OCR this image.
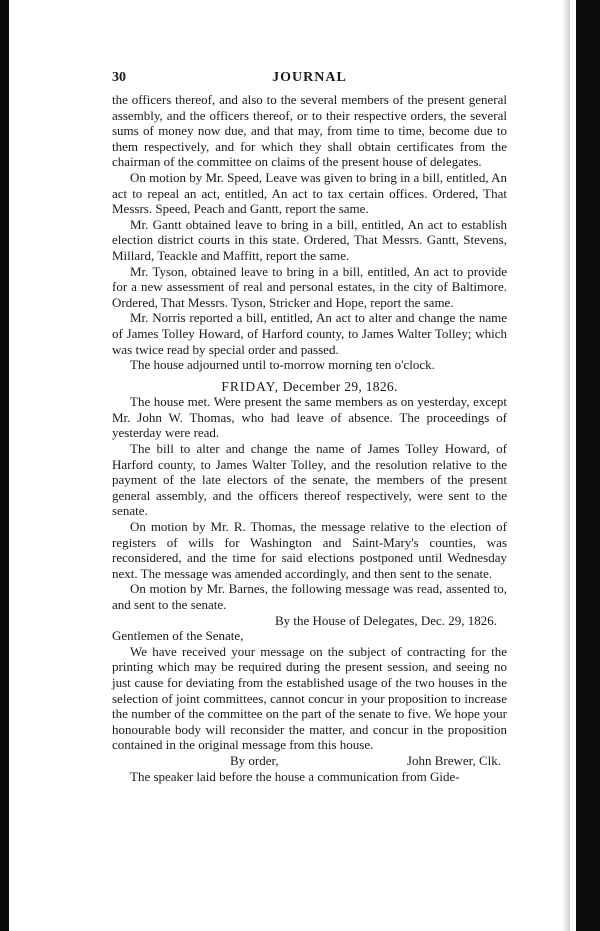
30	JOURNAL

the officers thereof, and also to the several members of the present general assembly, and the officers thereof, or to their respective orders, the several sums of money now due, and that may, from time to time, become due to them respectively, and for which they shall obtain certificates from the chairman of the committee on claims of the present house of delegates.

On motion by Mr. Speed, Leave was given to bring in a bill, entitled, An act to repeal an act, entitled, An act to tax certain offices. Ordered, That Messrs. Speed, Peach and Gantt, report the same.

Mr. Gantt obtained leave to bring in a bill, entitled, An act to establish election district courts in this state. Ordered, That Messrs. Gantt, Stevens, Millard, Teackle and Maffitt, report the same.

Mr. Tyson, obtained leave to bring in a bill, entitled, An act to provide for a new assessment of real and personal estates, in the city of Baltimore. Ordered, That Messrs. Tyson, Stricker and Hope, report the same.

Mr. Norris reported a bill, entitled, An act to alter and change the name of James Tolley Howard, of Harford county, to James Walter Tolley; which was twice read by special order and passed.

The house adjourned until to-morrow morning ten o'clock.

FRIDAY, December 29, 1826.

The house met. Were present the same members as on yesterday, except Mr. John W. Thomas, who had leave of absence. The proceedings of yesterday were read.

The bill to alter and change the name of James Tolley Howard, of Harford county, to James Walter Tolley, and the resolution relative to the payment of the late electors of the senate, the members of the present general assembly, and the officers thereof respectively, were sent to the senate.

On motion by Mr. R. Thomas, the message relative to the election of registers of wills for Washington and Saint-Mary's counties, was reconsidered, and the time for said elections postponed until Wednesday next. The message was amended accordingly, and then sent to the senate.

On motion by Mr. Barnes, the following message was read, assented to, and sent to the senate.

By the House of Delegates, Dec. 29, 1826.

Gentlemen of the Senate,

We have received your message on the subject of contracting for the printing which may be required during the present session, and seeing no just cause for deviating from the established usage of the two houses in the selection of joint committees, cannot concur in your proposition to increase the number of the committee on the part of the senate to five. We hope your honourable body will reconsider the matter, and concur in the proposition contained in the original message from this house.

By order,	John Brewer, Clk.

The speaker laid before the house a communication from Gide-
